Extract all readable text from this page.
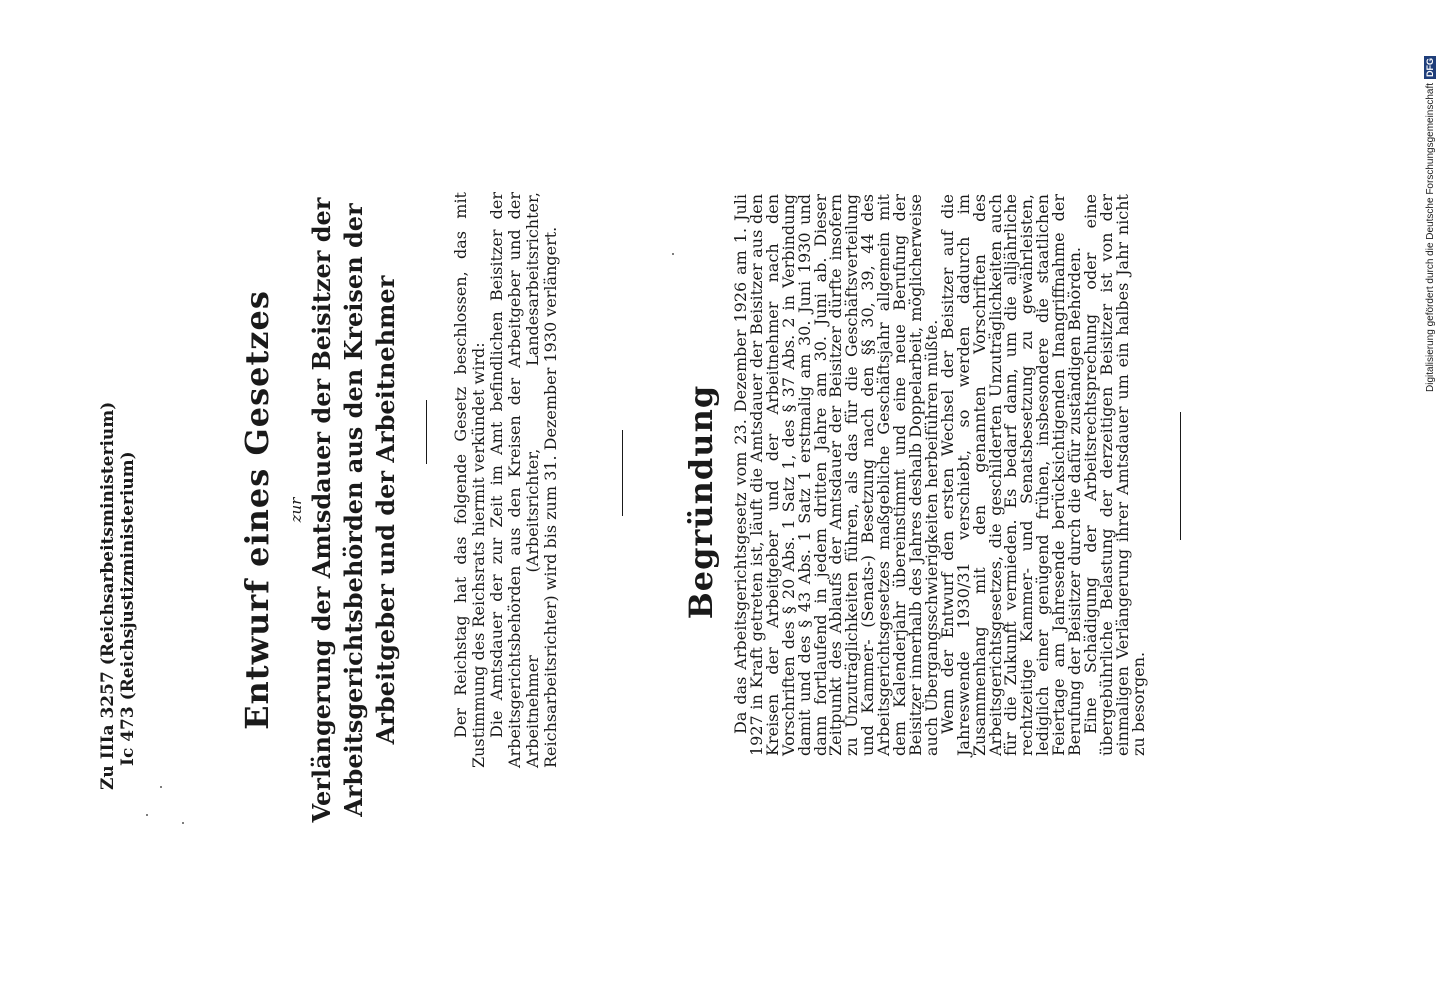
Zu IIIa 3257 (Reichsarbeitsministerium) Ic 473 (Reichsjustizministerium)	Entwurf eines Gesetzes zur Verlängerung der Amtsdauer der Beisitzer der Arbeitsgerichtsbehörden aus den Kreisen der Arbeitgeber und der Arbeitnehmer	Der Reichstag hat das folgende Gesetz beschlossen, das mit Zustimmung des Reichsrats hiermit verkündet wird: Die Amtsdauer der zur Zeit im Amt befindlichen Beisitzer der Arbeitsgerichtsbehörden aus den Kreisen der Arbeitgeber und der Arbeitnehmer (Arbeitsrichter, Landesarbeitsrichter, Reichsarbeitsrichter) wird bis zum 31. Dezember 1930 verlängert.	Begründung Da das Arbeitsgerichtsgesetz vom 23. Dezember 1926 am 1. Juli 1927 in Kraft getreten ist, läuft die Amtsdauer der Beisitzer aus den Kreisen der Arbeitgeber und der Arbeitnehmer nach den Vorschriften des § 20 Abs. 1 Satz 1, des § 37 Abs. 2 in Verbindung damit und des § 43 Abs. 1 Satz 1 erstmalig am 30. Juni 1930 und dann fortlaufend in jedem dritten Jahre am 30. Juni ab. Dieser Zeitpunkt des Ablaufs der Amtsdauer der Beisitzer dürfte insofern zu Unzuträglichkeiten führen, als das für die Geschäftsverteilung und Kammer- (Senats-) Besetzung nach den §§ 30, 39, 44 des Arbeitsgerichtsgesetzes maßgebliche Geschäftsjahr allgemein mit dem Kalenderjahr übereinstimmt und eine neue Berufung der Beisitzer innerhalb des Jahres deshalb Doppelarbeit, möglicherweise auch Übergangsschwierigkeiten herbeiführen müßte.

Wenn der Entwurf den ersten Wechsel der Beisitzer auf die Jahreswende 1930/31 verschiebt, so werden dadurch im Zusammenhang mit den genannten Vorschriften des Arbeitsgerichtsgesetzes, die geschilderten Unzuträglichkeiten auch für die Zukunft vermieden. Es bedarf dann, um die alljährliche rechtzeitige Kammer- und Senatsbesetzung zu gewährleisten, lediglich einer genügend frühen, insbesondere die staatlichen Feiertage am Jahresende berücksichtigenden Inangriffnahme der Berufung der Beisitzer durch die dafür zuständigen Behörden.

Eine Schädigung der Arbeitsrechtsprechung oder eine übergebührliche Belastung der derzeitigen Beisitzer ist von der einmaligen Verlängerung ihrer Amtsdauer um ein halbes Jahr nicht zu besorgen.

Digitalisierung gefördert durch die Deutsche Forschungsgemeinschaft
DFG
